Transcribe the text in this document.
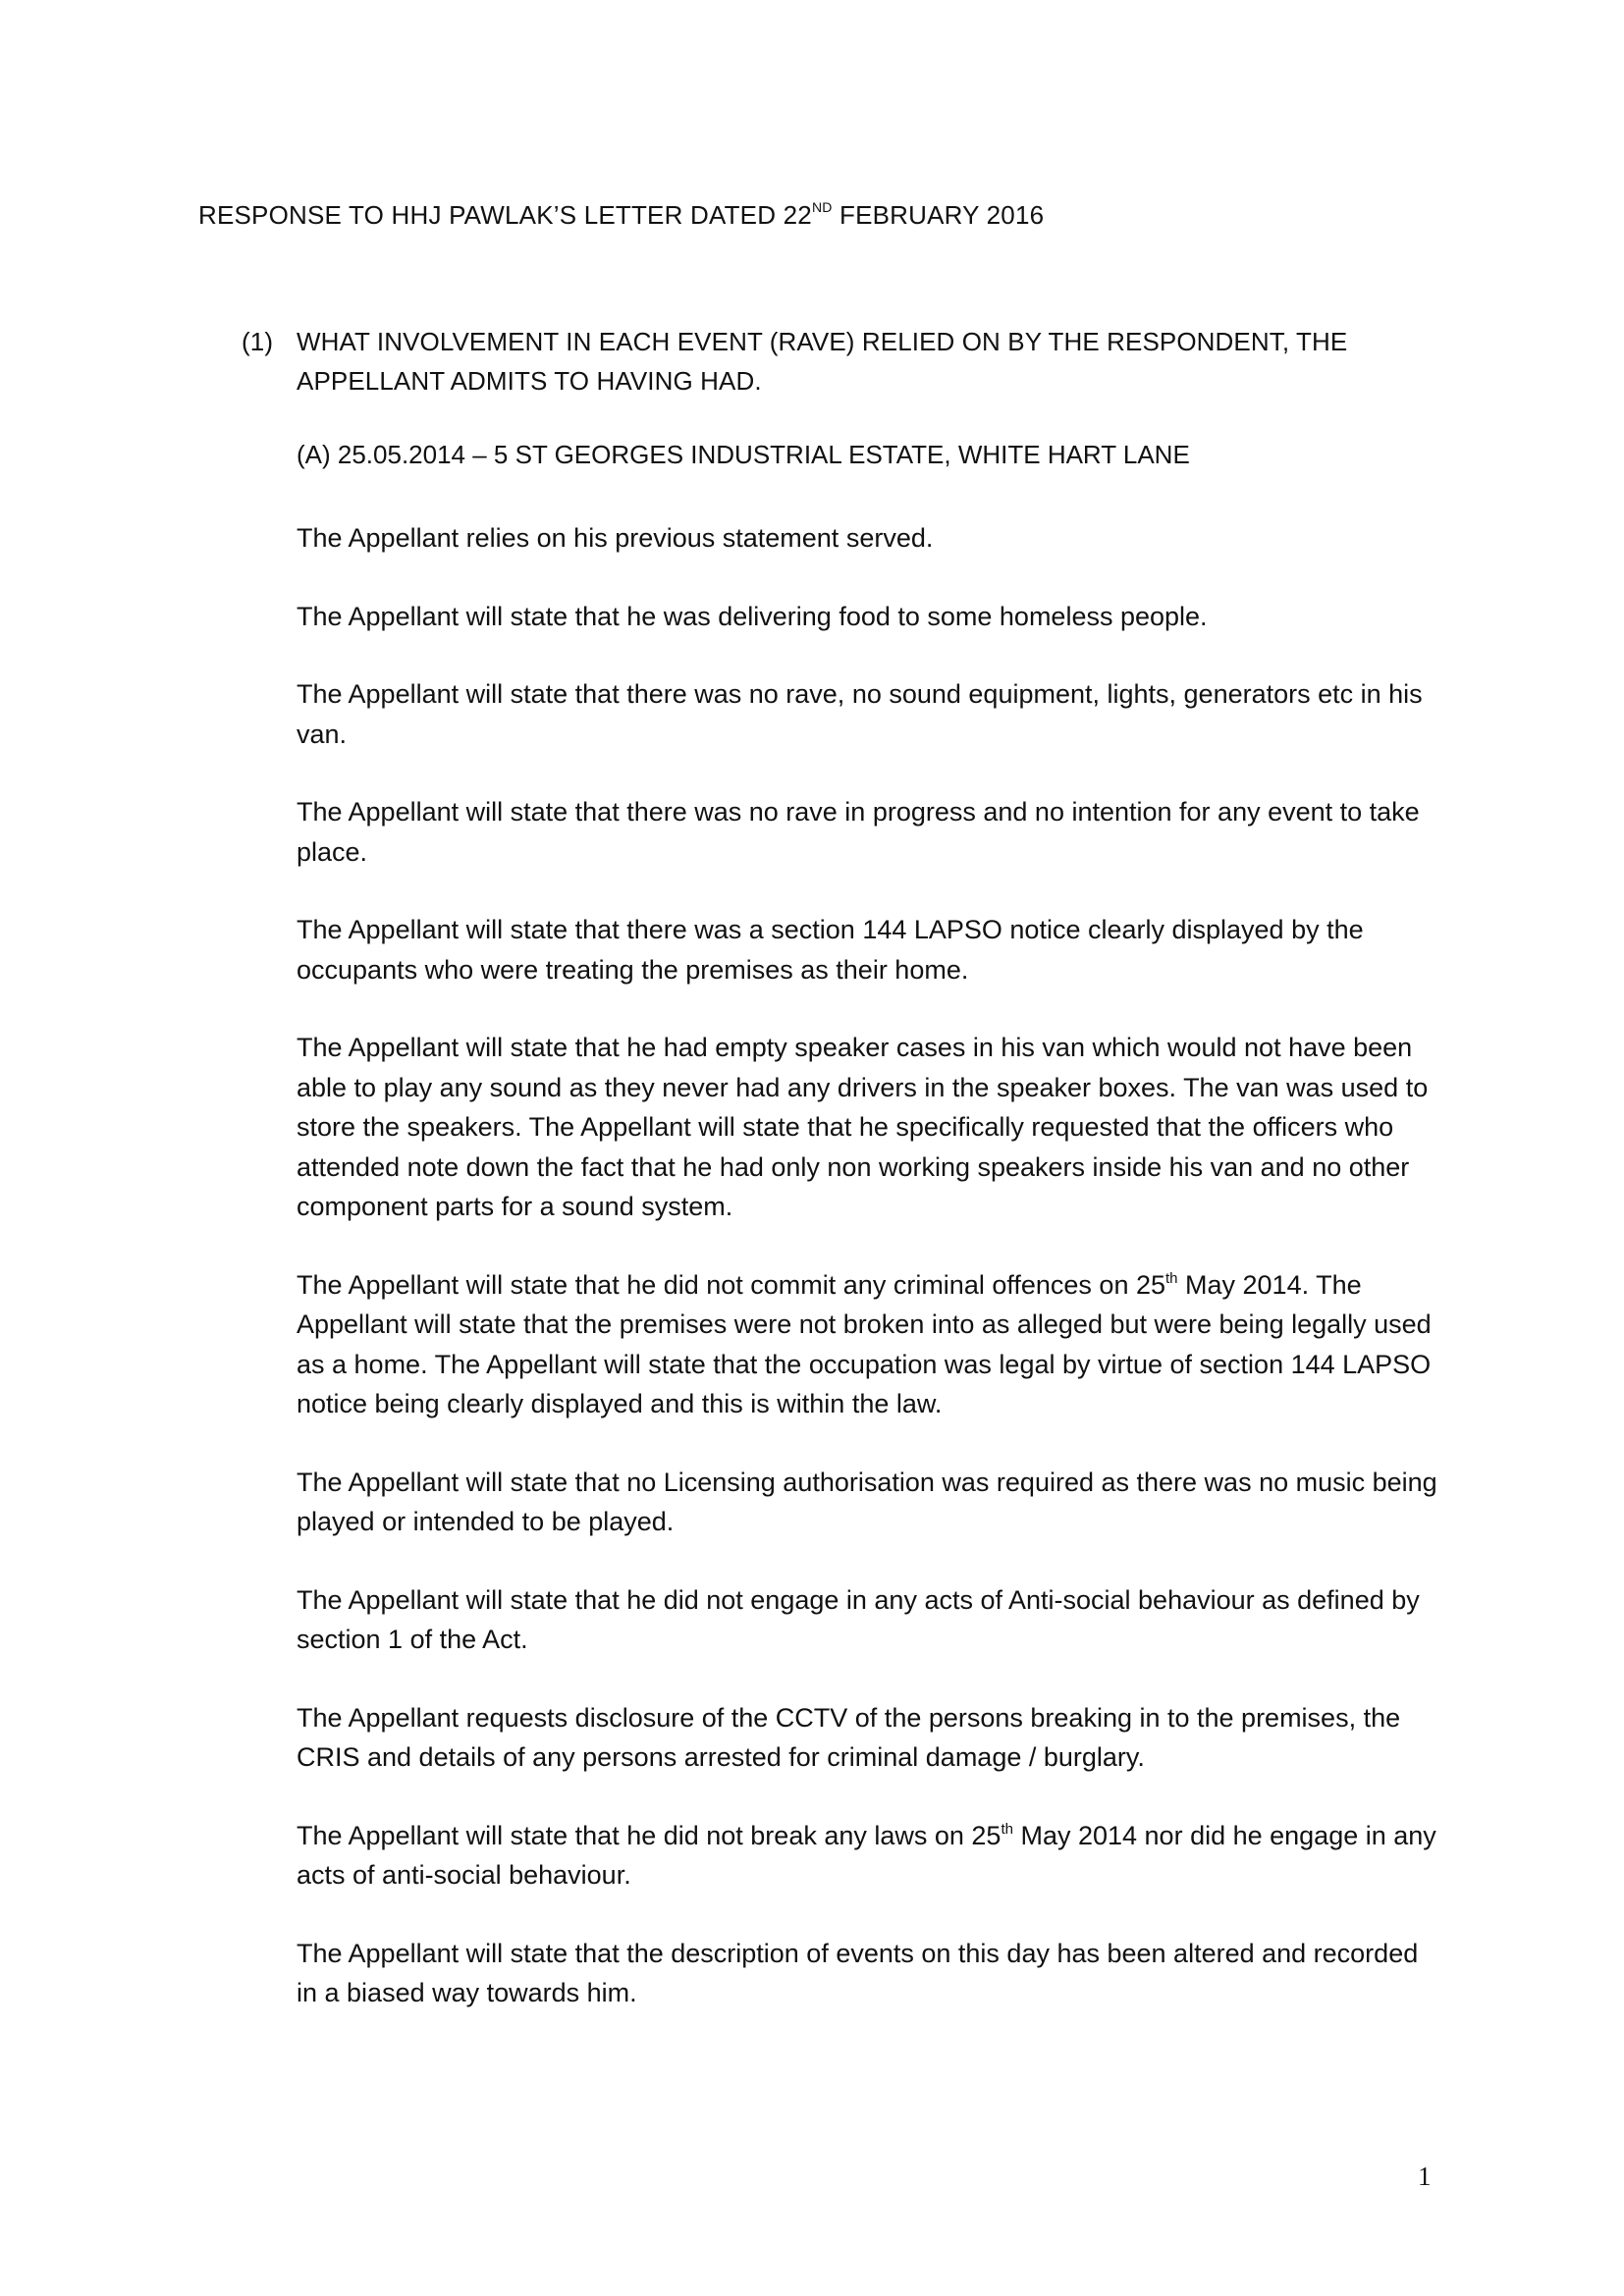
RESPONSE TO HHJ PAWLAK’S LETTER DATED 22ND FEBRUARY 2016
(1) WHAT INVOLVEMENT IN EACH EVENT (RAVE) RELIED ON BY THE RESPONDENT, THE APPELLANT ADMITS TO HAVING HAD.
(A) 25.05.2014 – 5 ST GEORGES INDUSTRIAL ESTATE, WHITE HART LANE

The Appellant relies on his previous statement served.

The Appellant will state that he was delivering food to some homeless people.

The Appellant will state that there was no rave, no sound equipment, lights, generators etc in his van.

The Appellant will state that there was no rave in progress and no intention for any event to take place.

The Appellant will state that there was a section 144 LAPSO notice clearly displayed by the occupants who were treating the premises as their home.

The Appellant will state that he had empty speaker cases in his van which would not have been able to play any sound as they never had any drivers in the speaker boxes. The van was used to store the speakers. The Appellant will state that he specifically requested that the officers who attended note down the fact that he had only non working speakers inside his van and no other component parts for a sound system.

The Appellant will state that he did not commit any criminal offences on 25th May 2014. The Appellant will state that the premises were not broken into as alleged but were being legally used as a home. The Appellant will state that the occupation was legal by virtue of section 144 LAPSO notice being clearly displayed and this is within the law.

The Appellant will state that no Licensing authorisation was required as there was no music being played or intended to be played.

The Appellant will state that he did not engage in any acts of Anti-social behaviour as defined by section 1 of the Act.

The Appellant requests disclosure of the CCTV of the persons breaking in to the premises, the CRIS and details of any persons arrested for criminal damage / burglary.

The Appellant will state that he did not break any laws on 25th May 2014 nor did he engage in any acts of anti-social behaviour.

The Appellant will state that the description of events on this day has been altered and recorded in a biased way towards him.

1
